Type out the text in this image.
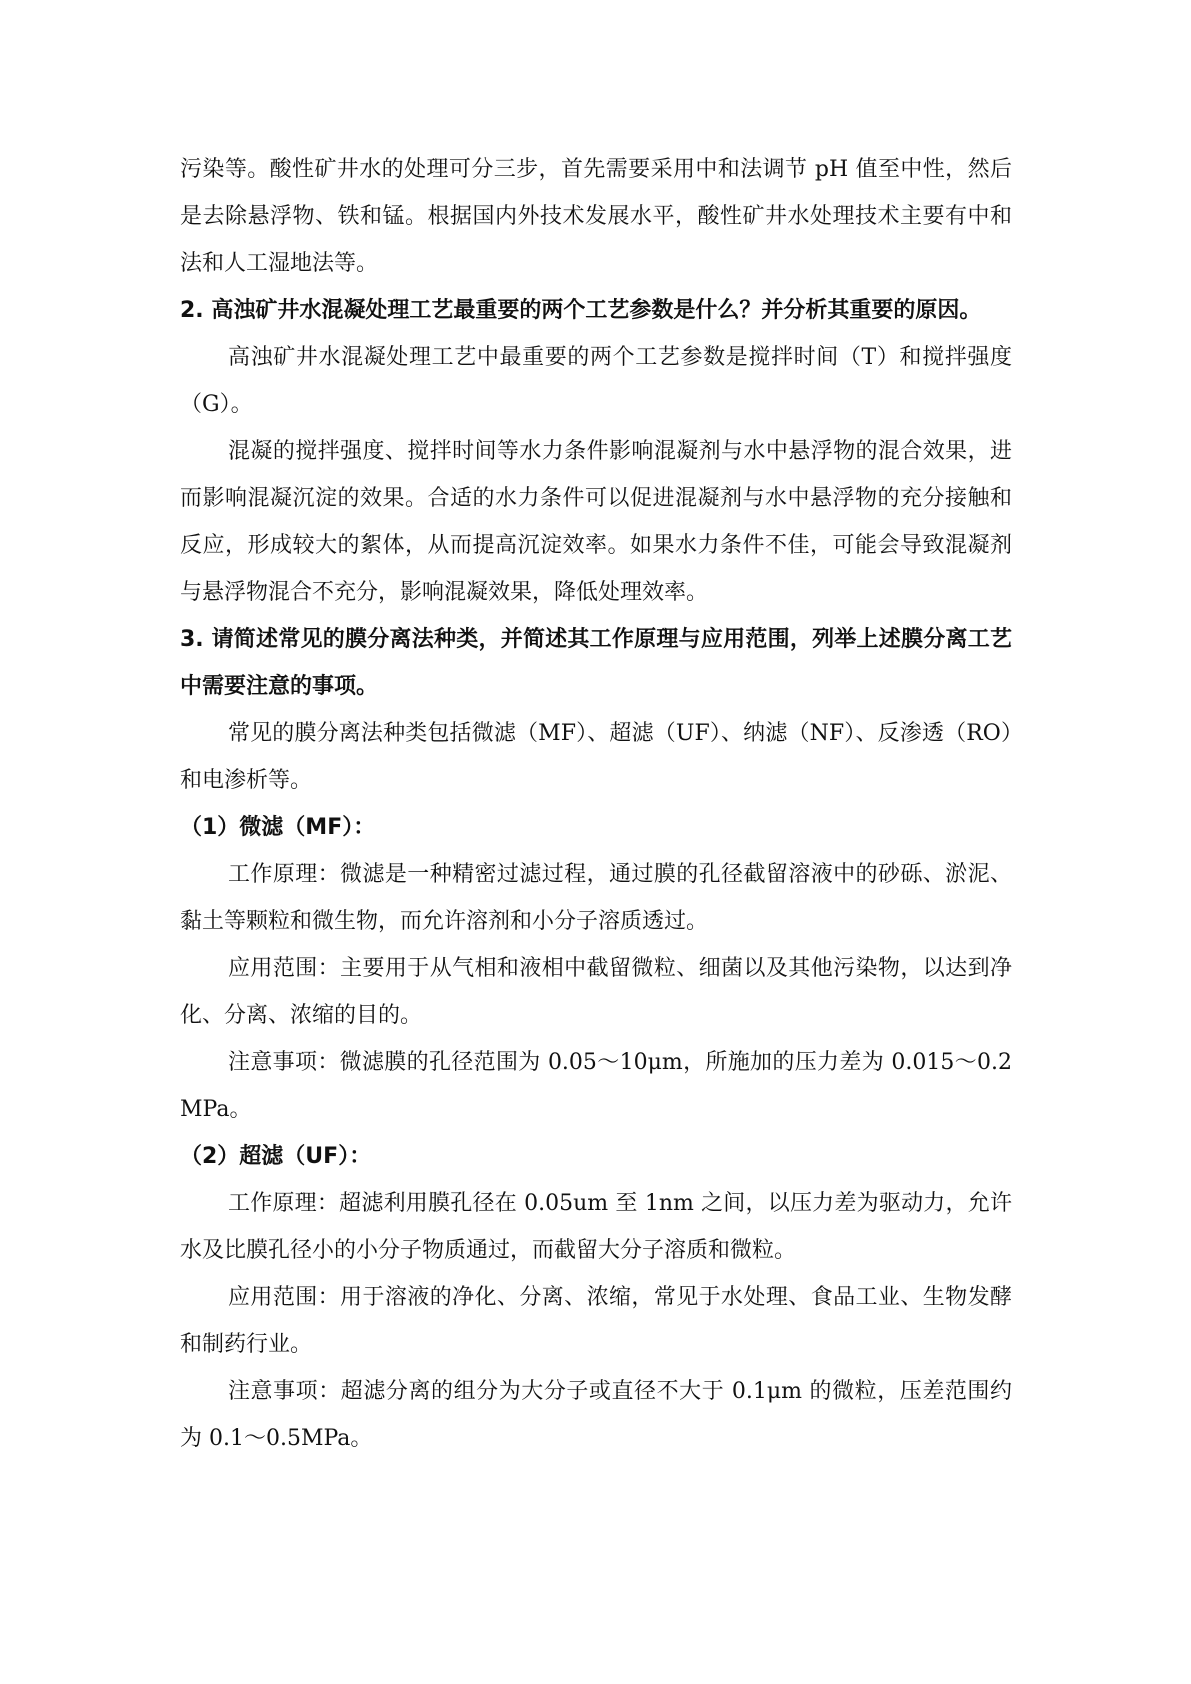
污染等。酸性矿井水的处理可分三步，首先需要采用中和法调节 pH 值至中性，然后是去除悬浮物、铁和锰。根据国内外技术发展水平，酸性矿井水处理技术主要有中和法和人工湿地法等。

2. 高浊矿井水混凝处理工艺最重要的两个工艺参数是什么？并分析其重要的原因。

高浊矿井水混凝处理工艺中最重要的两个工艺参数是搅拌时间（T）和搅拌强度（G）。

混凝的搅拌强度、搅拌时间等水力条件影响混凝剂与水中悬浮物的混合效果，进而影响混凝沉淀的效果。合适的水力条件可以促进混凝剂与水中悬浮物的充分接触和反应，形成较大的絮体，从而提高沉淀效率。如果水力条件不佳，可能会导致混凝剂与悬浮物混合不充分，影响混凝效果，降低处理效率。

3. 请简述常见的膜分离法种类，并简述其工作原理与应用范围，列举上述膜分离工艺中需要注意的事项。

常见的膜分离法种类包括微滤（MF）、超滤（UF）、纳滤（NF）、反渗透（RO）和电渗析等。

（1）微滤（MF）：

工作原理：微滤是一种精密过滤过程，通过膜的孔径截留溶液中的砂砾、淤泥、黏土等颗粒和微生物，而允许溶剂和小分子溶质透过。

应用范围：主要用于从气相和液相中截留微粒、细菌以及其他污染物，以达到净化、分离、浓缩的目的。

注意事项：微滤膜的孔径范围为 0.05～10μm，所施加的压力差为 0.015～0.2MPa。

（2）超滤（UF）：

工作原理：超滤利用膜孔径在 0.05um 至 1nm 之间，以压力差为驱动力，允许水及比膜孔径小的小分子物质通过，而截留大分子溶质和微粒。

应用范围：用于溶液的净化、分离、浓缩，常见于水处理、食品工业、生物发酵和制药行业。

注意事项：超滤分离的组分为大分子或直径不大于 0.1μm 的微粒，压差范围约为 0.1～0.5MPa。
